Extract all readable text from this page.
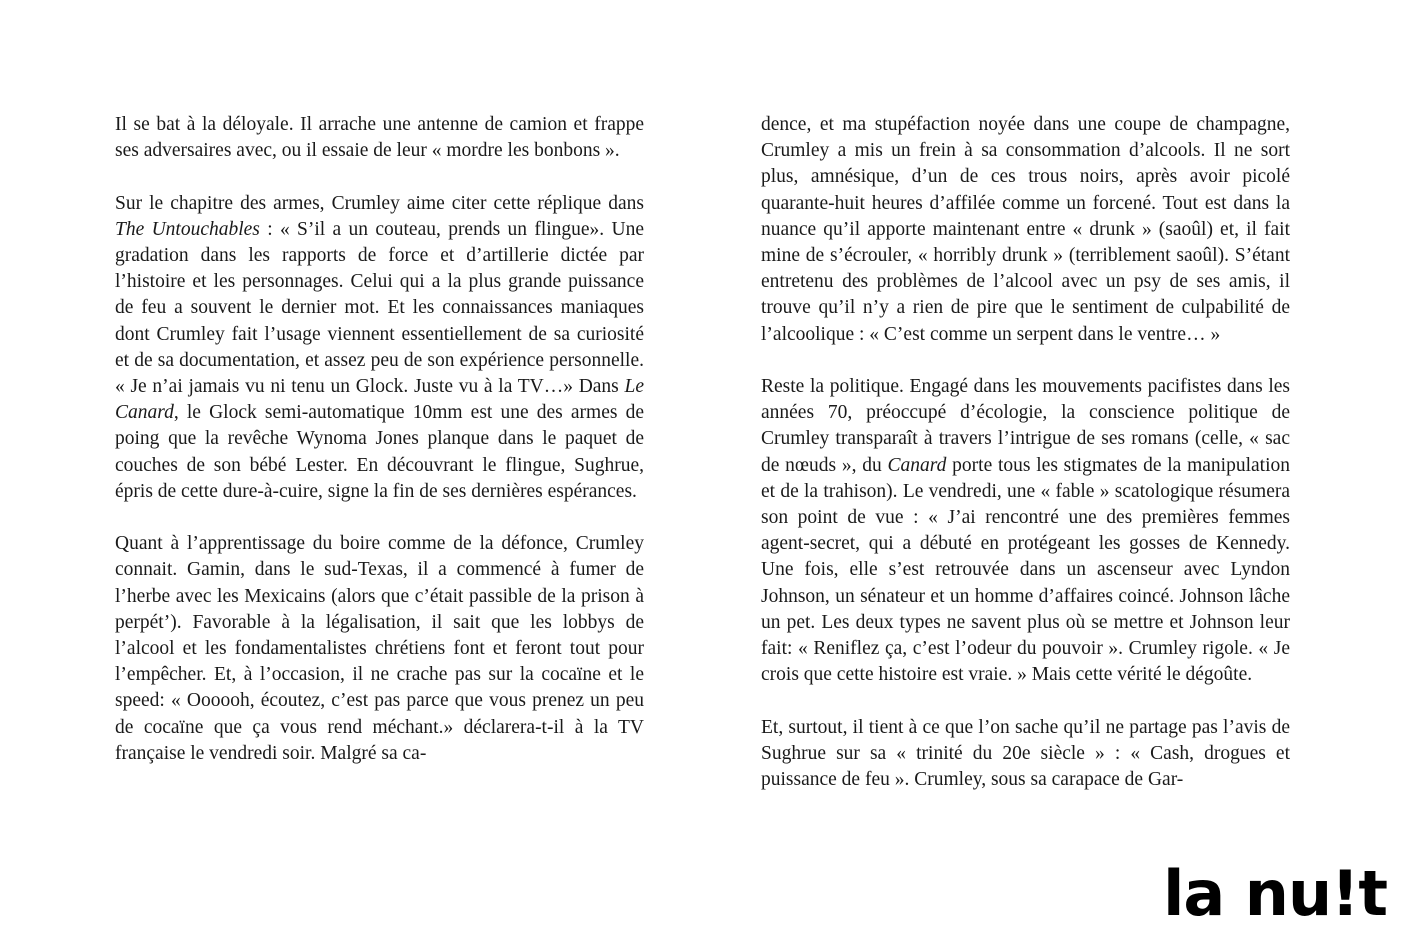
Il se bat à la déloyale. Il arrache une antenne de camion et frappe ses adversaires avec, ou il essaie de leur « mordre les bonbons ».

Sur le chapitre des armes, Crumley aime citer cette réplique dans The Untouchables : « S’il a un couteau, prends un flingue». Une gradation dans les rapports de force et d’artillerie dictée par l’histoire et les personnages. Celui qui a la plus grande puissance de feu a souvent le dernier mot. Et les connaissances maniaques dont Crumley fait l’usage viennent essentiellement de sa curiosité et de sa documentation, et assez peu de son expérience personnelle. « Je n’ai jamais vu ni tenu un Glock. Juste vu à la TV…» Dans Le Canard, le Glock semi-automatique 10mm est une des armes de poing que la revêche Wynoma Jones planque dans le paquet de couches de son bébé Lester. En découvrant le flingue, Sughrue, épris de cette dure-à-cuire, signe la fin de ses dernières espérances.

Quant à l’apprentissage du boire comme de la défonce, Crumley connait. Gamin, dans le sud-Texas, il a commencé à fumer de l’herbe avec les Mexicains (alors que c’était passible de la prison à perpét’). Favorable à la légalisation, il sait que les lobbys de l’alcool et les fondamentalistes chrétiens font et feront tout pour l’empêcher. Et, à l’occasion, il ne crache pas sur la cocaïne et le speed: « Oooooh, écoutez, c’est pas parce que vous prenez un peu de cocaïne que ça vous rend méchant.» déclarera-t-il à la TV française le vendredi soir. Malgré sa ca-

dence, et ma stupéfaction noyée dans une coupe de champagne, Crumley a mis un frein à sa consommation d’alcools. Il ne sort plus, amnésique, d’un de ces trous noirs, après avoir picolé quarante-huit heures d’affilée comme un forcené. Tout est dans la nuance qu’il apporte maintenant entre « drunk » (saoûl) et, il fait mine de s’écrouler, « horribly drunk » (terriblement saoûl). S’étant entretenu des problèmes de l’alcool avec un psy de ses amis, il trouve qu’il n’y a rien de pire que le sentiment de culpabilité de l’alcoolique : « C’est comme un serpent dans le ventre… »

Reste la politique. Engagé dans les mouvements pacifistes dans les années 70, préoccupé d’écologie, la conscience politique de Crumley transparaît à travers l’intrigue de ses romans (celle, « sac de nœuds », du Canard porte tous les stigmates de la manipulation et de la trahison). Le vendredi, une « fable » scatologique résumera son point de vue : « J’ai rencontré une des premières femmes agent-secret, qui a débuté en protégeant les gosses de Kennedy. Une fois, elle s’est retrouvée dans un ascenseur avec Lyndon Johnson, un sénateur et un homme d’affaires coincé. Johnson lâche un pet. Les deux types ne savent plus où se mettre et Johnson leur fait: « Reniflez ça, c’est l’odeur du pouvoir ». Crumley rigole. « Je crois que cette histoire est vraie. » Mais cette vérité le dégoûte.

Et, surtout, il tient à ce que l’on sache qu’il ne partage pas l’avis de Sughrue sur sa « trinité du 20e siècle » : « Cash, drogues et puissance de feu ». Crumley, sous sa carapace de Gar-

la nu!t
